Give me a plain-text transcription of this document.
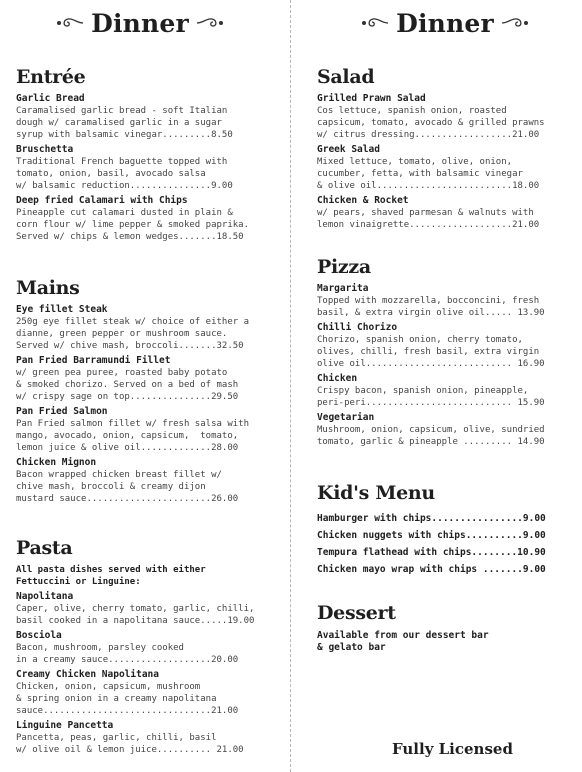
Dinner	Dinner
Entrée
Garlic Bread
Caramalised garlic bread - soft Italian
dough w/ caramalised garlic in a sugar
syrup with balsamic vinegar.........8.50
Bruschetta
Traditional French baguette topped with
tomato, onion, basil, avocado salsa
w/ balsamic reduction...............9.00
Deep fried Calamari with Chips
Pineapple cut calamari dusted in plain &
corn flour w/ lime pepper & smoked paprika.
Served w/ chips & lemon wedges.......18.50
Mains
Eye fillet Steak
250g eye fillet steak w/ choice of either a
dianne, green pepper or mushroom sauce.
Served w/ chive mash, broccoli.......32.50
Pan Fried Barramundi Fillet
w/ green pea puree, roasted baby potato
& smoked chorizo. Served on a bed of mash
w/ crispy sage on top...............29.50
Pan Fried Salmon
Pan Fried salmon fillet w/ fresh salsa with
mango, avocado, onion, capsicum,  tomato,
lemon juice & olive oil.............28.00
Chicken Mignon
Bacon wrapped chicken breast fillet w/
chive mash, broccoli & creamy dijon
mustard sauce.......................26.00
Pasta
All pasta dishes served with either
Fettuccini or Linguine:
Napolitana
Caper, olive, cherry tomato, garlic, chilli,
basil cooked in a napolitana sauce.....19.00
Bosciola
Bacon, mushroom, parsley cooked
in a creamy sauce...................20.00
Creamy Chicken Napolitana
Chicken, onion, capsicum, mushroom
& spring onion in a creamy napolitana
sauce...............................21.00
Linguine Pancetta
Pancetta, peas, garlic, chilli, basil
w/ olive oil & lemon juice.......... 21.00
Salad
Grilled Prawn Salad
Cos lettuce, spanish onion, roasted
capsicum, tomato, avocado & grilled prawns
w/ citrus dressing..................21.00
Greek Salad
Mixed lettuce, tomato, olive, onion,
cucumber, fetta, with balsamic vinegar
& olive oil.........................18.00
Chicken & Rocket
w/ pears, shaved parmesan & walnuts with
lemon vinaigrette...................21.00
Pizza
Margarita
Topped with mozzarella, bocconcini, fresh
basil, & extra virgin olive oil..... 13.90
Chilli Chorizo
Chorizo, spanish onion, cherry tomato,
olives, chilli, fresh basil, extra virgin
olive oil........................... 16.90
Chicken
Crispy bacon, spanish onion, pineapple,
peri-peri........................... 15.90
Vegetarian
Mushroom, onion, capsicum, olive, sundried
tomato, garlic & pineapple ......... 14.90
Kid's Menu
Hamburger with chips................9.00
Chicken nuggets with chips..........9.00
Tempura flathead with chips........10.90
Chicken mayo wrap with chips .......9.00
Dessert
Available from our dessert bar
& gelato bar
Fully Licensed
